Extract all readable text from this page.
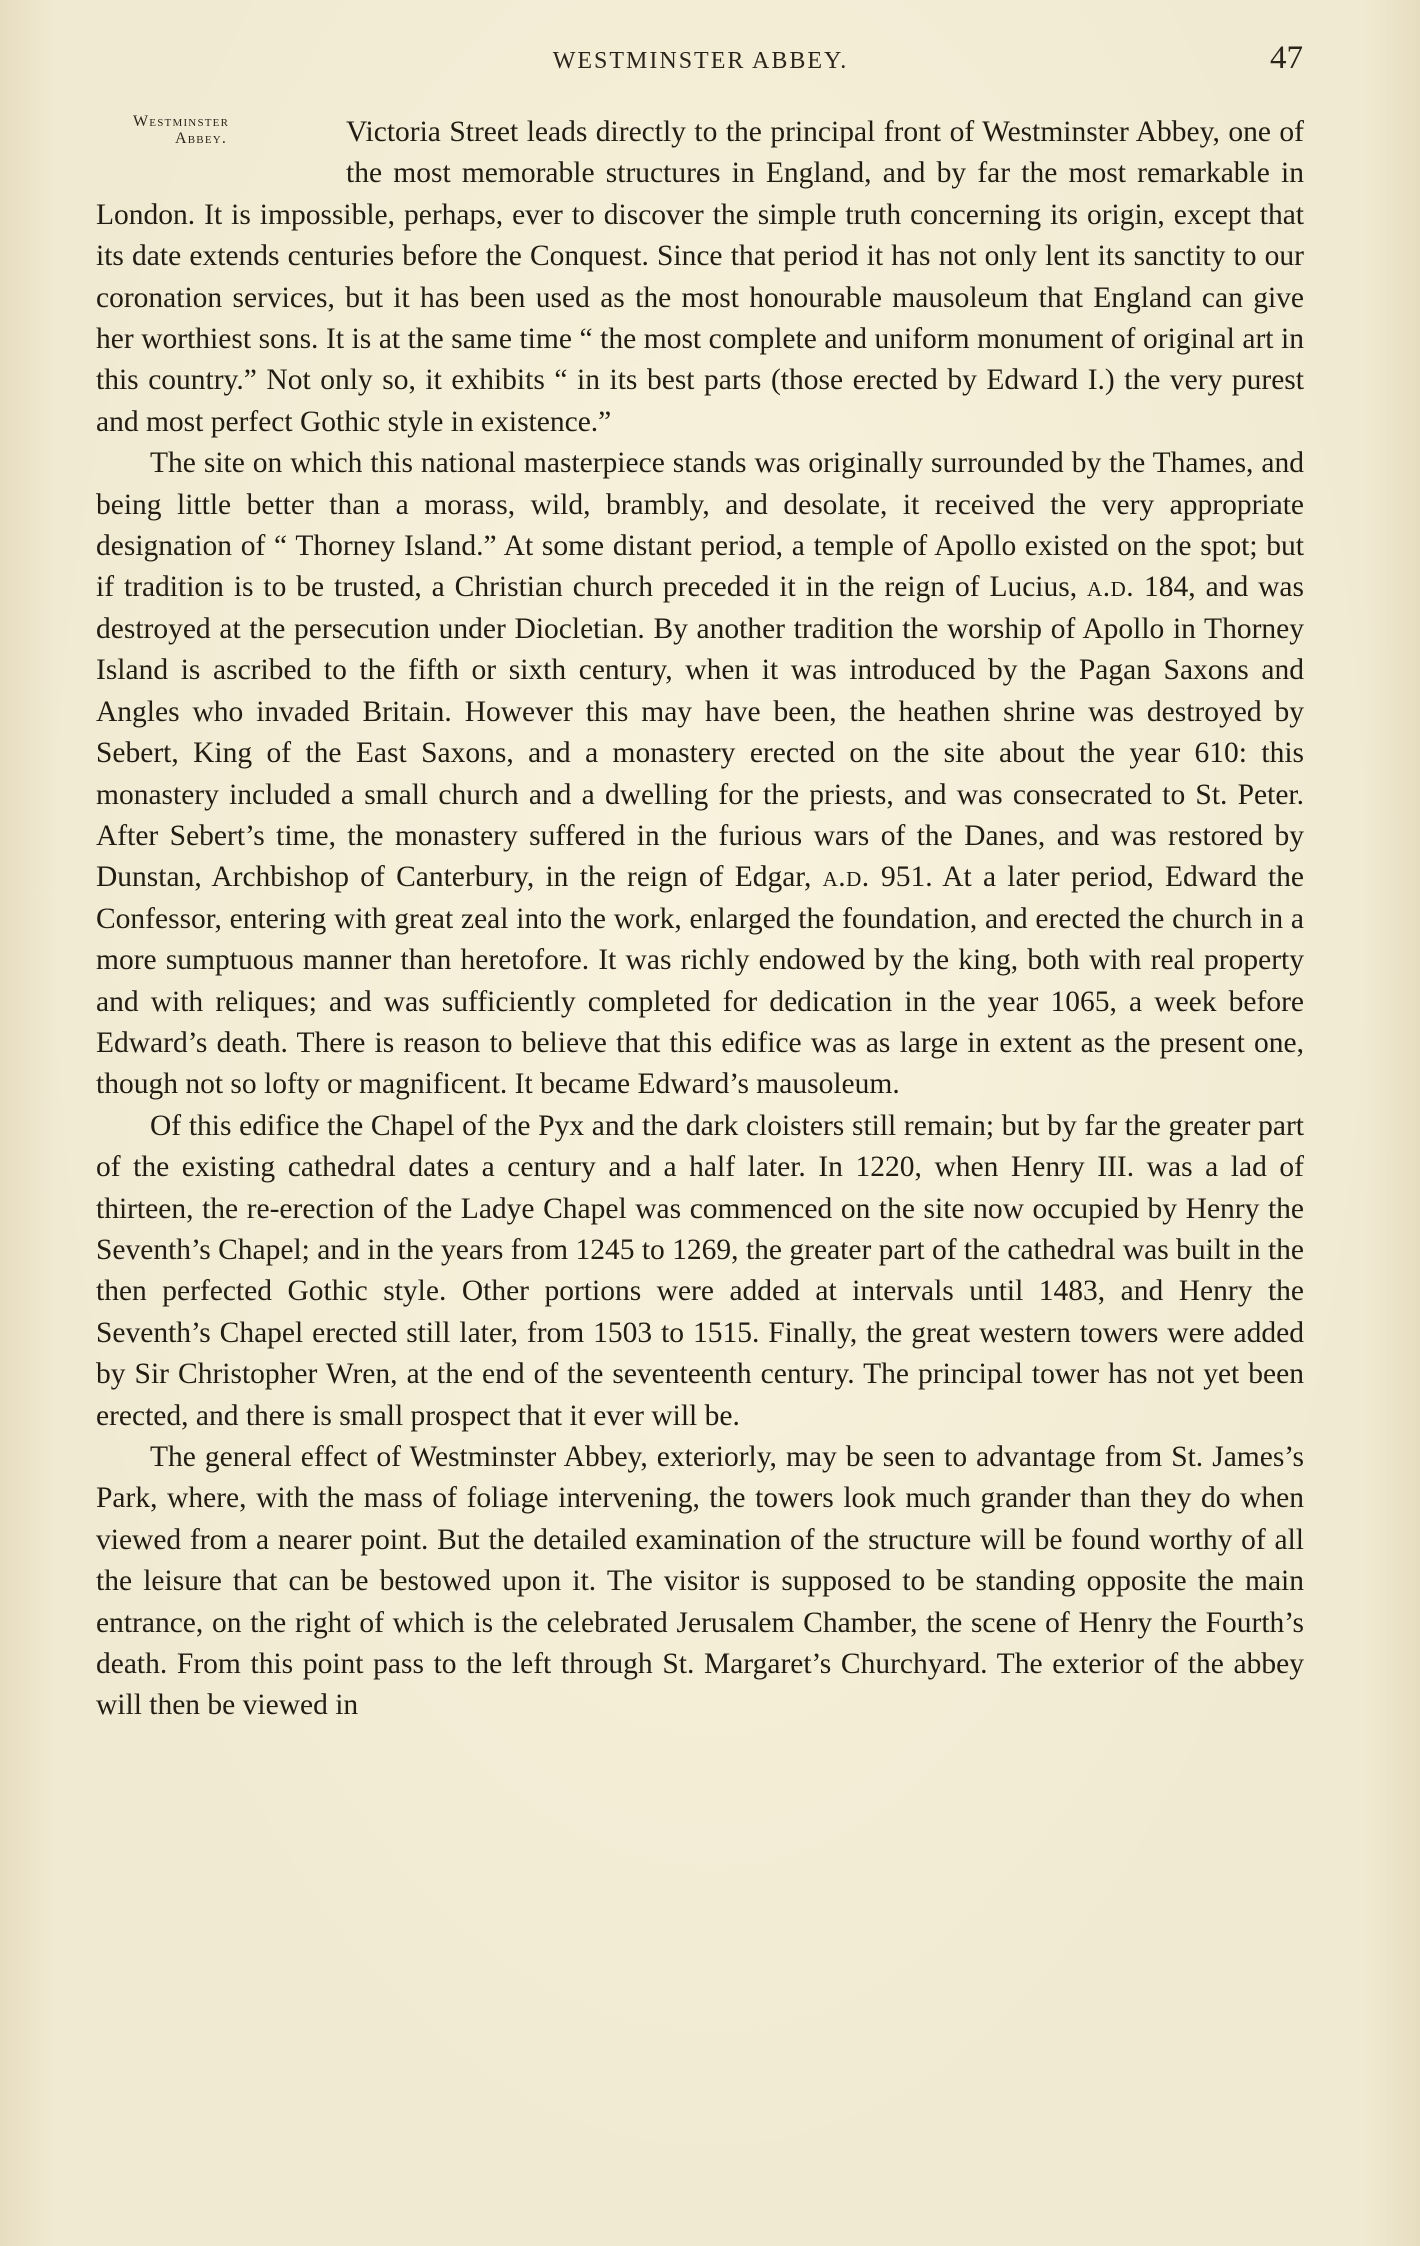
WESTMINSTER ABBEY.	47
Westminster
Abbey.	Victoria Street leads directly to the principal front of Westminster Abbey, one of the most memorable structures in England, and by far the most remarkable in London. It is impossible, perhaps, ever to discover the simple truth concerning its origin, except that its date extends centuries before the Conquest. Since that period it has not only lent its sanctity to our coronation services, but it has been used as the most honourable mausoleum that England can give her worthiest sons. It is at the same time “ the most complete and uniform monument of original art in this country.” Not only so, it exhibits “ in its best parts (those erected by Edward I.) the very purest and most perfect Gothic style in existence.”

The site on which this national masterpiece stands was originally surrounded by the Thames, and being little better than a morass, wild, brambly, and desolate, it received the very appropriate designation of “ Thorney Island.” At some distant period, a temple of Apollo existed on the spot; but if tradition is to be trusted, a Christian church preceded it in the reign of Lucius, a.d. 184, and was destroyed at the persecution under Diocletian. By another tradition the worship of Apollo in Thorney Island is ascribed to the fifth or sixth century, when it was introduced by the Pagan Saxons and Angles who invaded Britain. However this may have been, the heathen shrine was destroyed by Sebert, King of the East Saxons, and a monastery erected on the site about the year 610: this monastery included a small church and a dwelling for the priests, and was consecrated to St. Peter. After Sebert’s time, the monastery suffered in the furious wars of the Danes, and was restored by Dunstan, Archbishop of Canterbury, in the reign of Edgar, a.d. 951. At a later period, Edward the Confessor, entering with great zeal into the work, enlarged the foundation, and erected the church in a more sumptuous manner than heretofore. It was richly endowed by the king, both with real property and with reliques; and was sufficiently completed for dedication in the year 1065, a week before Edward’s death. There is reason to believe that this edifice was as large in extent as the present one, though not so lofty or magnificent. It became Edward’s mausoleum.

Of this edifice the Chapel of the Pyx and the dark cloisters still remain; but by far the greater part of the existing cathedral dates a century and a half later. In 1220, when Henry III. was a lad of thirteen, the re-erection of the Ladye Chapel was commenced on the site now occupied by Henry the Seventh’s Chapel; and in the years from 1245 to 1269, the greater part of the cathedral was built in the then perfected Gothic style. Other portions were added at intervals until 1483, and Henry the Seventh’s Chapel erected still later, from 1503 to 1515. Finally, the great western towers were added by Sir Christopher Wren, at the end of the seventeenth century. The principal tower has not yet been erected, and there is small prospect that it ever will be.

The general effect of Westminster Abbey, exteriorly, may be seen to advantage from St. James’s Park, where, with the mass of foliage intervening, the towers look much grander than they do when viewed from a nearer point. But the detailed examination of the structure will be found worthy of all the leisure that can be bestowed upon it. The visitor is supposed to be standing opposite the main entrance, on the right of which is the celebrated Jerusalem Chamber, the scene of Henry the Fourth’s death. From this point pass to the left through St. Margaret’s Churchyard. The exterior of the abbey will then be viewed in
